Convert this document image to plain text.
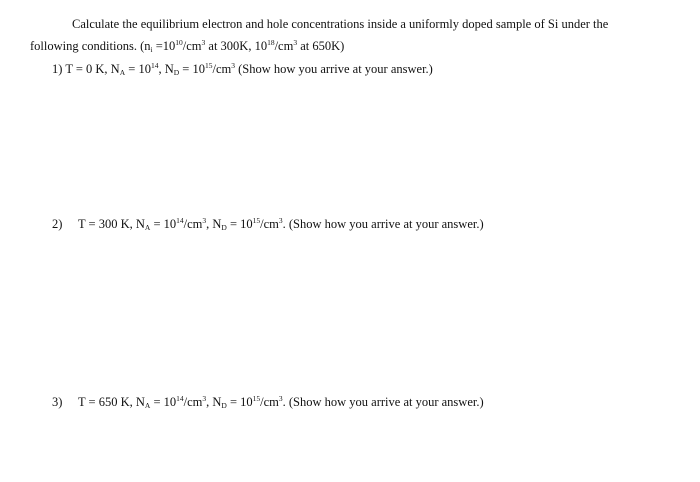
Calculate the equilibrium electron and hole concentrations inside a uniformly doped sample of Si under the
following conditions. ($n_i =10^{10}/cm^3$ at 300K, $10^{18}/cm^3$ at 650K)
1) T = 0 K, $N_A = 10^{14}$, $N_D = 10^{15}/cm^3$ (Show how you arrive at your answer.)
2) T = 300 K, $N_A = 10^{14}/cm^3$, $N_D = 10^{15}/cm^3$. (Show how you arrive at your answer.)
3) T = 650 K, $N_A = 10^{14}/cm^3$, $N_D = 10^{15}/cm^3$. (Show how you arrive at your answer.)
